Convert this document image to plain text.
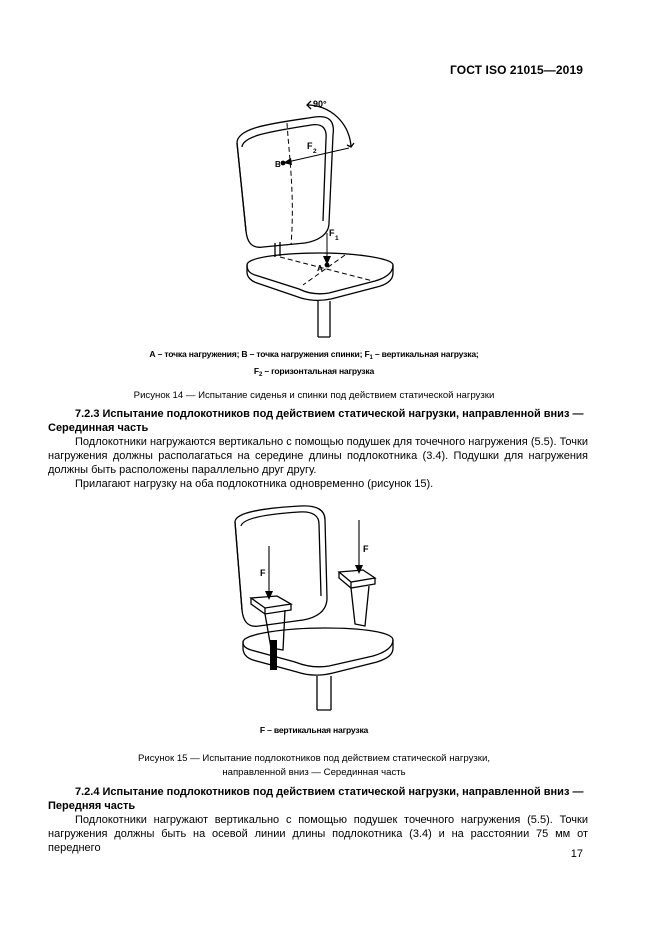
ГОСТ ISO 21015—2019
90°
B
A
F
2
F
1
А – точка нагружения; В – точка нагружения спинки; $F_1$ – вертикальная нагрузка;
$F_2$ – горизонтальная нагрузка
Рисунок 14 — Испытание сиденья и спинки под действием статической нагрузки
7.2.3 Испытание подлокотников под действием статической нагрузки, направленной вниз — Серединная часть
Подлокотники нагружаются вертикально с помощью подушек для точечного нагружения (5.5). Точки нагружения должны располагаться на середине длины подлокотника (3.4). Подушки для нагружения должны быть расположены параллельно друг другу.
Прилагают нагрузку на оба подлокотника одновременно (рисунок 15).
F
F
F – вертикальная нагрузка
Рисунок 15 — Испытание подлокотников под действием статической нагрузки,
направленной вниз — Серединная часть
7.2.4 Испытание подлокотников под действием статической нагрузки, направленной вниз — Передняя часть
Подлокотники нагружают вертикально с помощью подушек точечного нагружения (5.5). Точки нагружения должны быть на осевой линии длины подлокотника (3.4) и на расстоянии 75 мм от переднего	17
